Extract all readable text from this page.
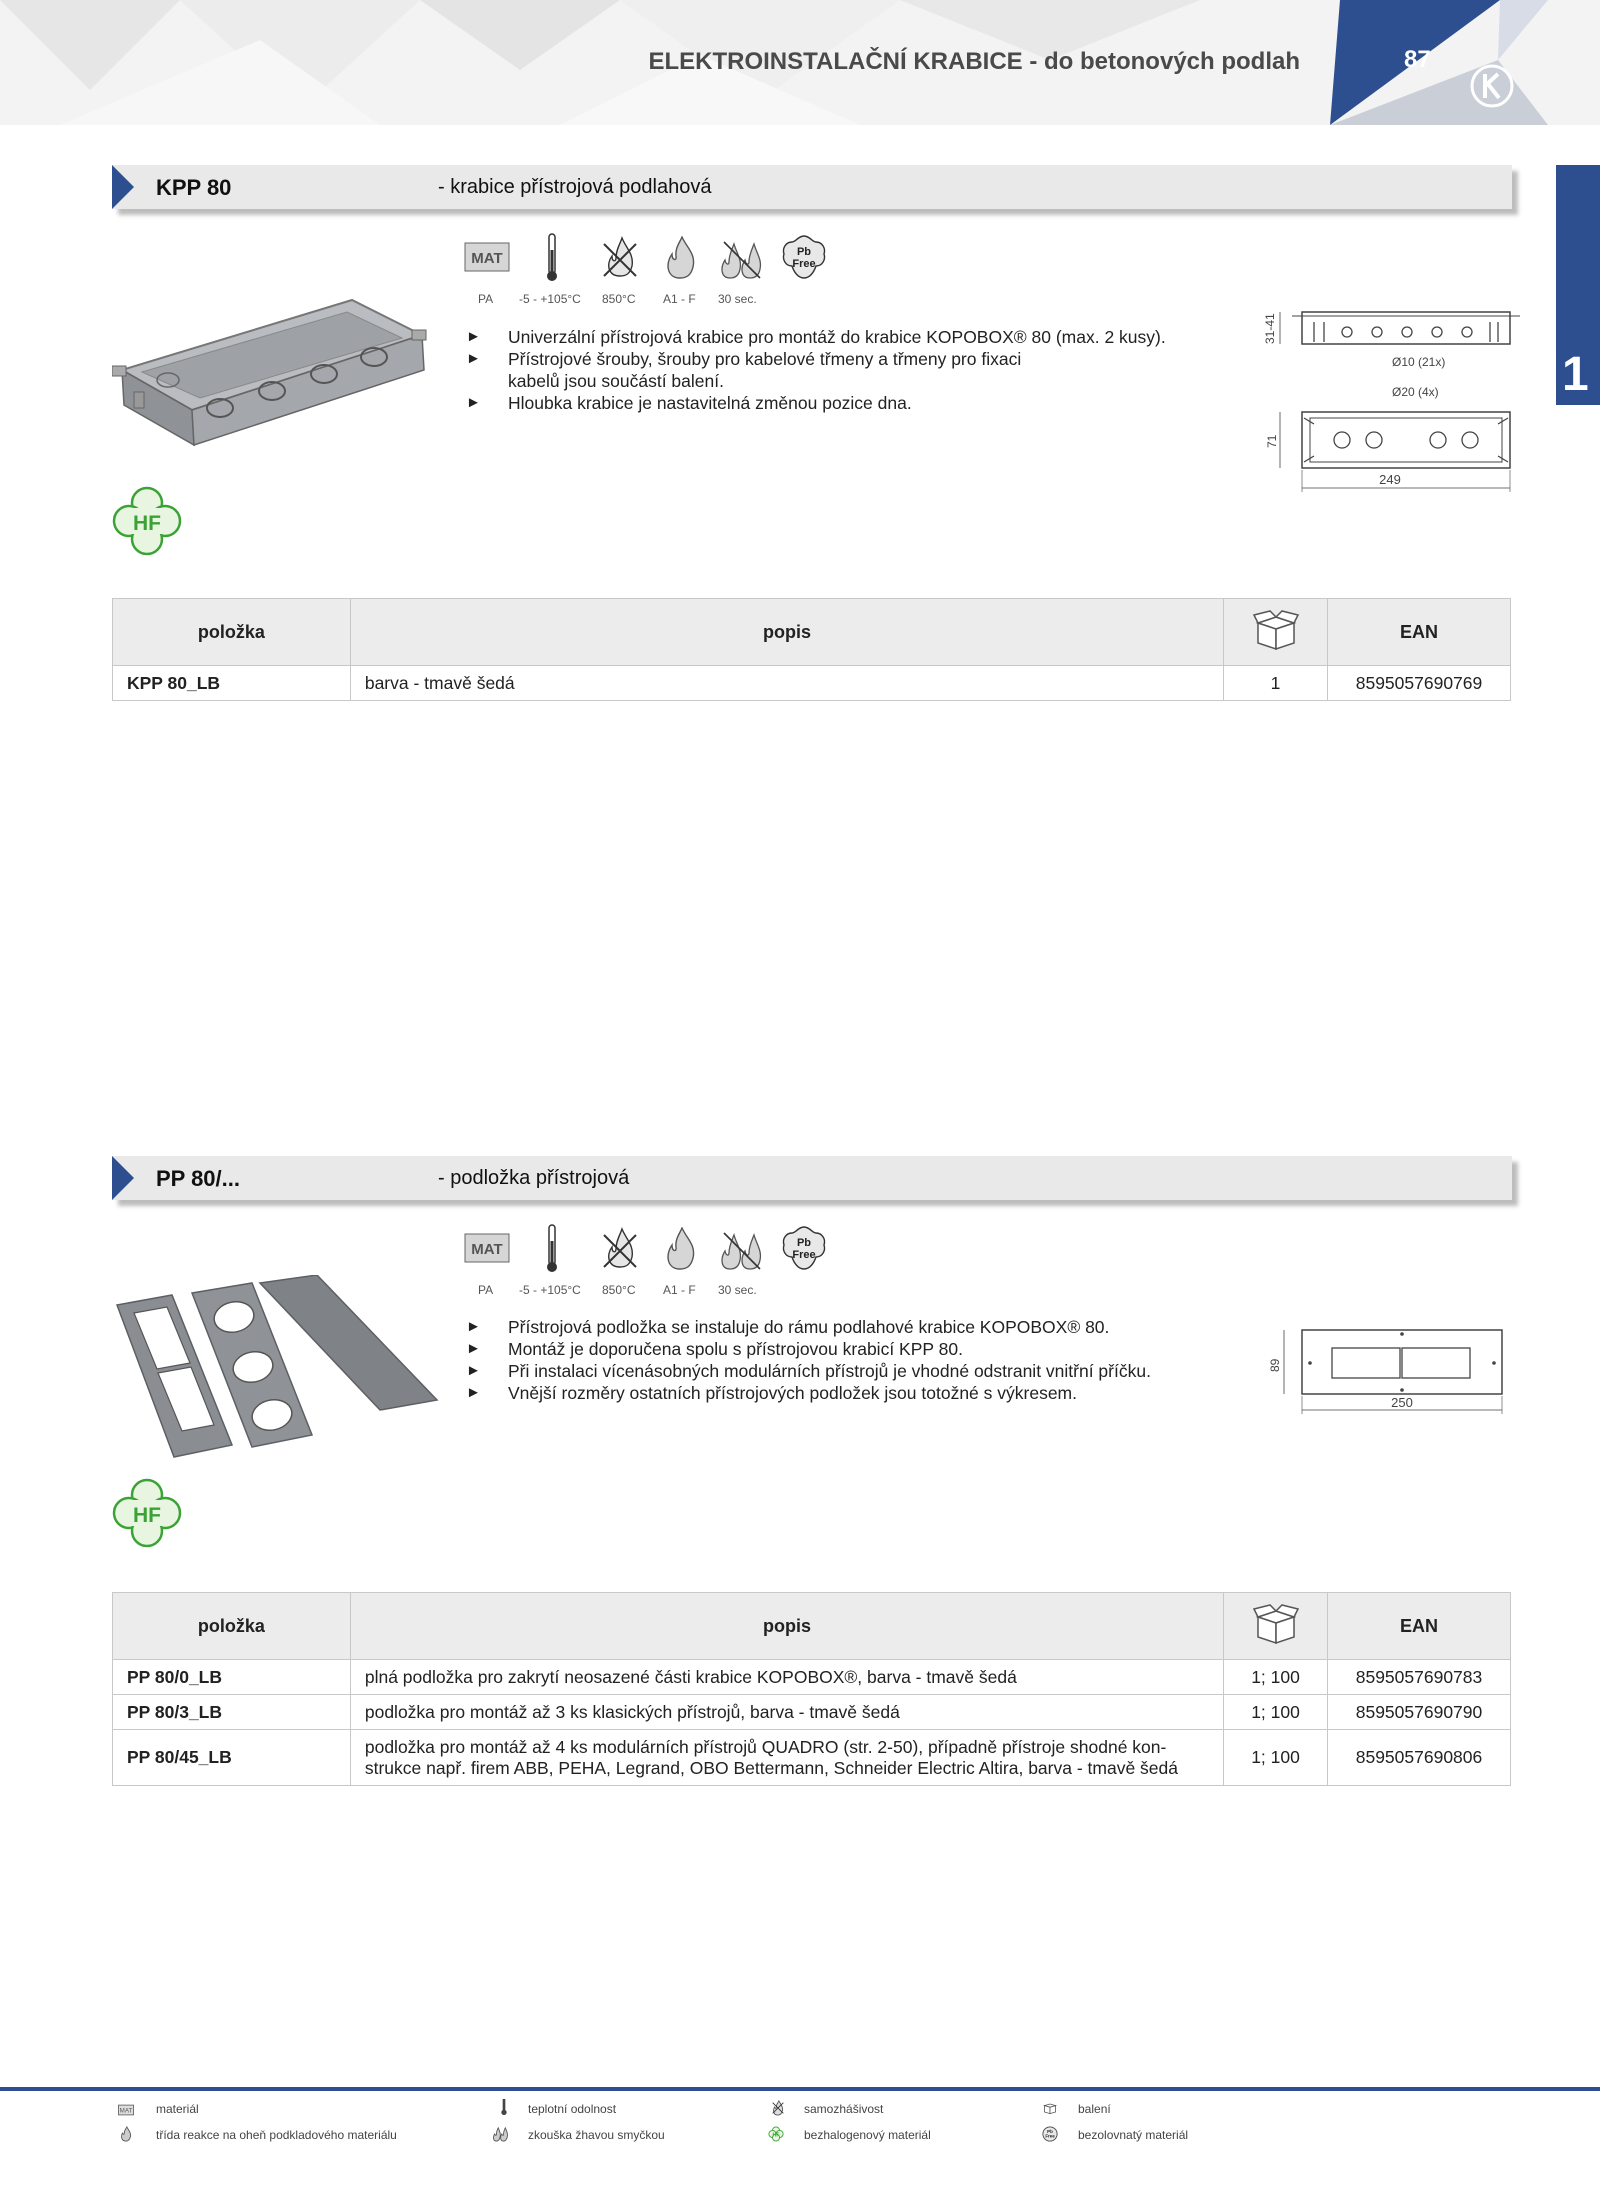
ELEKTROINSTALAČNÍ KRABICE - do betonových podlah	87
1
KPP 80	- krabice přístrojová podlahová
MAT	Pb
Free
PA -5 - +105°C 850°C A1 - F 30 sec.
► Univerzální přístrojová krabice pro montáž do krabice KOPOBOX® 80 (max. 2 kusy).
► Přístrojové šrouby, šrouby pro kabelové třmeny a třmeny pro fixaci kabelů jsou součástí balení.
► Hloubka krabice je nastavitelná změnou pozice dna.
31-41
Ø10 (21x)
Ø20 (4x)
71
249
HF
položka	popis		EAN
KPP 80_LB	barva - tmavě šedá	1	8595057690769
PP 80/...	- podložka přístrojová
MAT	Pb
Free
PA -5 - +105°C 850°C A1 - F 30 sec.
► Přístrojová podložka se instaluje do rámu podlahové krabice KOPOBOX® 80.
► Montáž je doporučena spolu s přístrojovou krabicí KPP 80.
► Při instalaci vícenásobných modulárních přístrojů je vhodné odstranit vnitřní příčku.
► Vnější rozměry ostatních přístrojových podložek jsou totožné s výkresem.
89
250
HF
položka	popis		EAN
PP 80/0_LB	plná podložka pro zakrytí neosazené části krabice KOPOBOX®, barva - tmavě šedá	1; 100	8595057690783
PP 80/3_LB	podložka pro montáž až 3 ks klasických přístrojů, barva - tmavě šedá	1; 100	8595057690790
PP 80/45_LB	podložka pro montáž až 4 ks modulárních přístrojů QUADRO (str. 2-50), případně přístroje shodné kon-
strukce např. firem ABB, PEHA, Legrand, OBO Bettermann, Schneider Electric Altira, barva - tmavě šedá	1; 100	8595057690806
MAT materiál	teplotní odolnost	samozhášivost	balení
třída reakce na oheň podkladového materiálu	zkouška žhavou smyčkou	HF bezhalogenový materiál	Pb
Free bezolovnatý materiál
